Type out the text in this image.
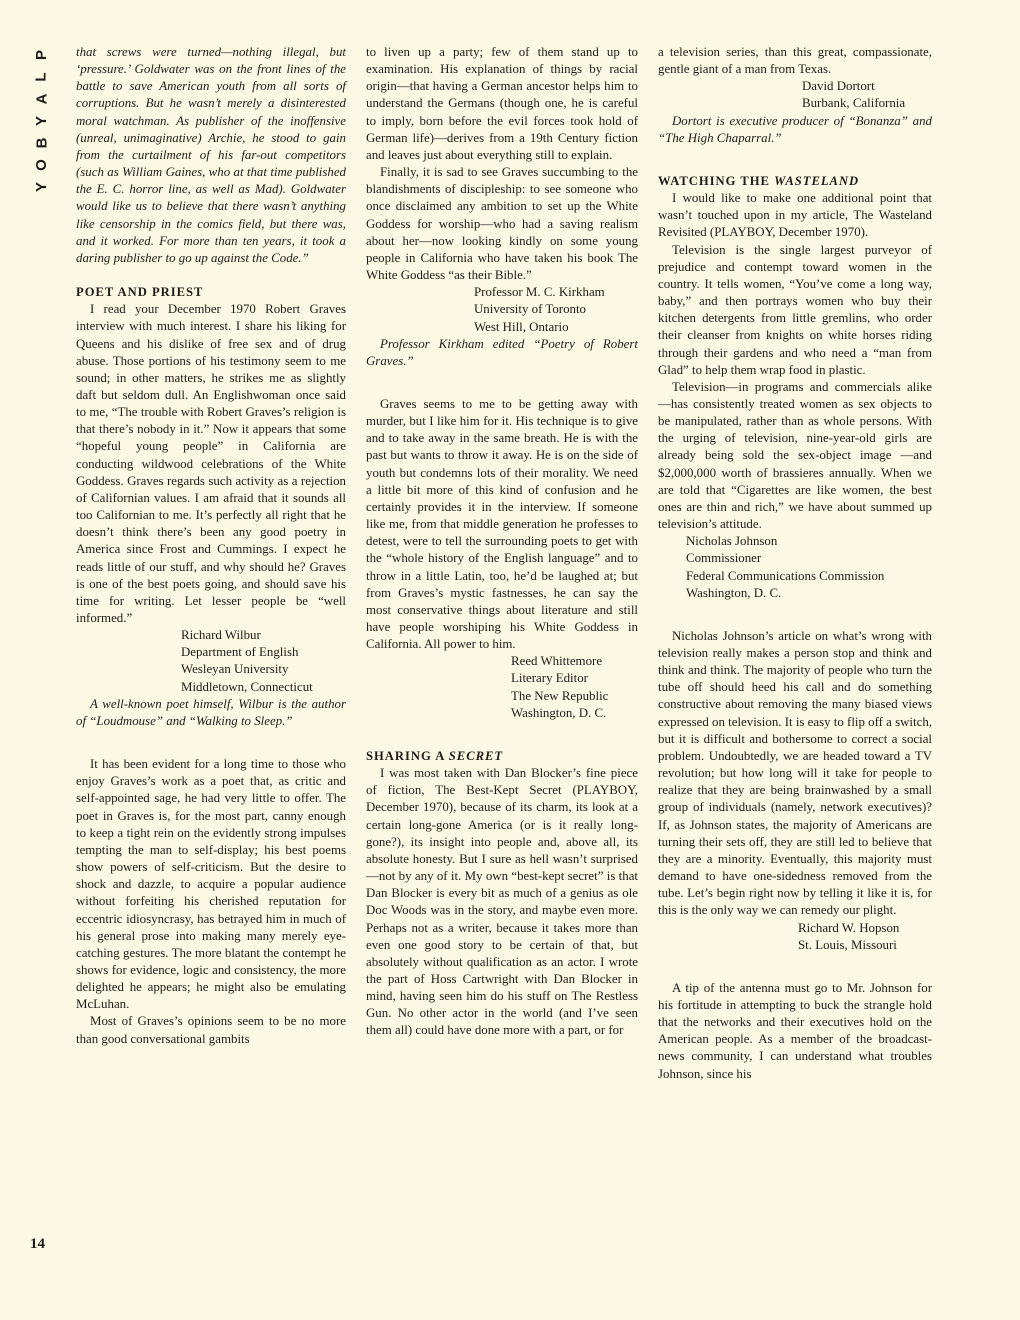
P
L
A
Y
B
O
Y
14

that screws were turned—nothing illegal, but ‘pressure.’ Goldwater was on the front lines of the battle to save American youth from all sorts of corruptions. But he wasn’t merely a disinterested moral watchman. As publisher of the inoffensive (unreal, unimaginative) Archie, he stood to gain from the curtailment of his far-out competitors (such as William Gaines, who at that time published the E. C. horror line, as well as Mad). Goldwater would like us to believe that there wasn’t anything like censorship in the comics field, but there was, and it worked. For more than ten years, it took a daring publisher to go up against the Code.”

POET AND PRIEST

I read your December 1970 Robert Graves interview with much interest. I share his liking for Queens and his dislike of free sex and of drug abuse. Those portions of his testimony seem to me sound; in other matters, he strikes me as slightly daft but seldom dull. An Englishwoman once said to me, “The trouble with Robert Graves’s religion is that there’s nobody in it.” Now it appears that some “hopeful young people” in California are conducting wildwood celebrations of the White Goddess. Graves regards such activity as a rejection of Californian values. I am afraid that it sounds all too Californian to me. It’s perfectly all right that he doesn’t think there’s been any good poetry in America since Frost and Cummings. I expect he reads little of our stuff, and why should he? Graves is one of the best poets going, and should save his time for writing. Let lesser people be “well informed.”

Richard Wilbur
Department of English
Wesleyan University
Middletown, Connecticut

A well-known poet himself, Wilbur is the author of “Loudmouse” and “Walking to Sleep.”

It has been evident for a long time to those who enjoy Graves’s work as a poet that, as critic and self-appointed sage, he had very little to offer. The poet in Graves is, for the most part, canny enough to keep a tight rein on the evidently strong impulses tempting the man to self-display; his best poems show powers of self-criticism. But the desire to shock and dazzle, to acquire a popular audience without forfeiting his cherished reputation for eccentric idiosyncrasy, has betrayed him in much of his general prose into making many merely eye-catching gestures. The more blatant the contempt he shows for evidence, logic and consistency, the more delighted he appears; he might also be emulating McLuhan.

Most of Graves’s opinions seem to be no more than good conversational gambits

to liven up a party; few of them stand up to examination. His explanation of things by racial origin—that having a German ancestor helps him to understand the Germans (though one, he is careful to imply, born before the evil forces took hold of German life)—derives from a 19th Century fiction and leaves just about everything still to explain.

Finally, it is sad to see Graves succumbing to the blandishments of discipleship: to see someone who once disclaimed any ambition to set up the White Goddess for worship—who had a saving realism about her—now looking kindly on some young people in California who have taken his book The White Goddess “as their Bible.”

Professor M. C. Kirkham
University of Toronto
West Hill, Ontario

Professor Kirkham edited “Poetry of Robert Graves.”

Graves seems to me to be getting away with murder, but I like him for it. His technique is to give and to take away in the same breath. He is with the past but wants to throw it away. He is on the side of youth but condemns lots of their morality. We need a little bit more of this kind of confusion and he certainly provides it in the interview. If someone like me, from that middle generation he professes to detest, were to tell the surrounding poets to get with the “whole history of the English language” and to throw in a little Latin, too, he’d be laughed at; but from Graves’s mystic fastnesses, he can say the most conservative things about literature and still have people worshiping his White Goddess in California. All power to him.

Reed Whittemore
Literary Editor
The New Republic
Washington, D. C.
SHARING A SECRET

I was most taken with Dan Blocker’s fine piece of fiction, The Best-Kept Secret (PLAYBOY, December 1970), because of its charm, its look at a certain long-gone America (or is it really long-gone?), its insight into people and, above all, its absolute honesty. But I sure as hell wasn’t surprised—not by any of it. My own “best-kept secret” is that Dan Blocker is every bit as much of a genius as ole Doc Woods was in the story, and maybe even more. Perhaps not as a writer, because it takes more than even one good story to be certain of that, but absolutely without qualification as an actor. I wrote the part of Hoss Cartwright with Dan Blocker in mind, having seen him do his stuff on The Restless Gun. No other actor in the world (and I’ve seen them all) could have done more with a part, or for

a television series, than this great, compassionate, gentle giant of a man from Texas.

David Dortort
Burbank, California

Dortort is executive producer of “Bonanza” and “The High Chaparral.”

WATCHING THE WASTELAND

I would like to make one additional point that wasn’t touched upon in my article, The Wasteland Revisited (PLAYBOY, December 1970).

Television is the single largest purveyor of prejudice and contempt toward women in the country. It tells women, “You’ve come a long way, baby,” and then portrays women who buy their kitchen detergents from little gremlins, who order their cleanser from knights on white horses riding through their gardens and who need a “man from Glad” to help them wrap food in plastic.

Television—in programs and commercials alike—has consistently treated women as sex objects to be manipulated, rather than as whole persons. With the urging of television, nine-year-old girls are already being sold the sex-object image —and $2,000,000 worth of brassieres annually. When we are told that “Cigarettes are like women, the best ones are thin and rich,” we have about summed up television’s attitude.

Nicholas Johnson
Commissioner
Federal Communications Commission
Washington, D. C.

Nicholas Johnson’s article on what’s wrong with television really makes a person stop and think and think and think. The majority of people who turn the tube off should heed his call and do something constructive about removing the many biased views expressed on television. It is easy to flip off a switch, but it is difficult and bothersome to correct a social problem. Undoubtedly, we are headed toward a TV revolution; but how long will it take for people to realize that they are being brainwashed by a small group of individuals (namely, network executives)? If, as Johnson states, the majority of Americans are turning their sets off, they are still led to believe that they are a minority. Eventually, this majority must demand to have one-sidedness removed from the tube. Let’s begin right now by telling it like it is, for this is the only way we can remedy our plight.

Richard W. Hopson
St. Louis, Missouri

A tip of the antenna must go to Mr. Johnson for his fortitude in attempting to buck the strangle hold that the networks and their executives hold on the American people. As a member of the broadcast-news community, I can understand what troubles Johnson, since his
